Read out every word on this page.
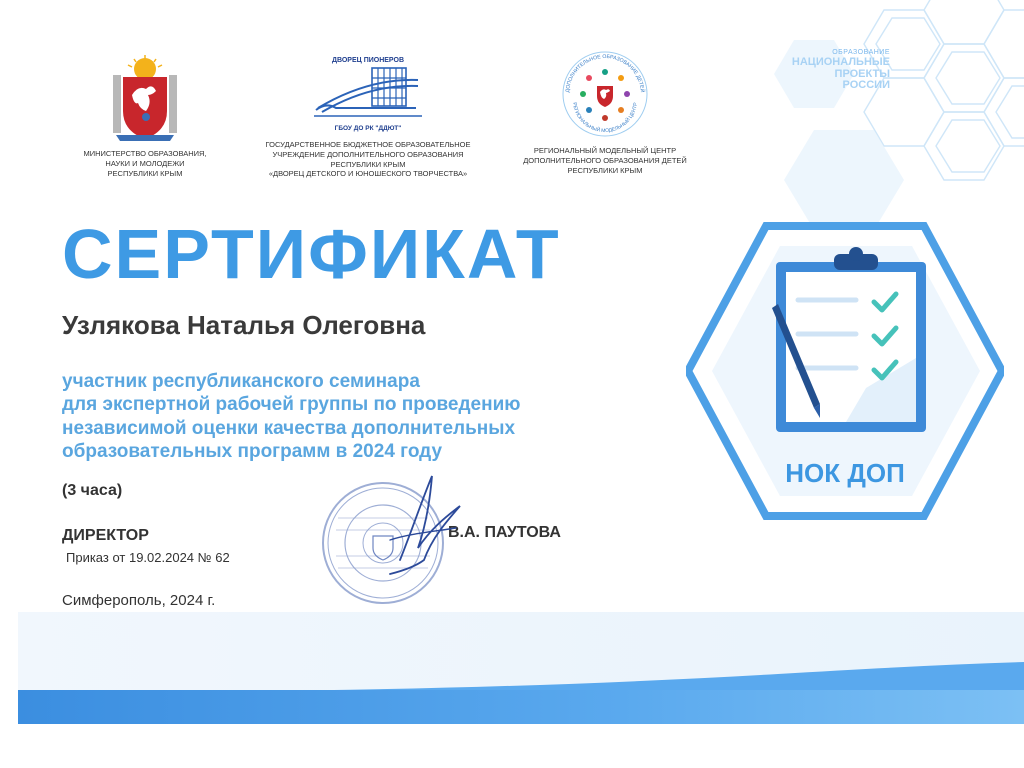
МИНИСТЕРСТВО ОБРАЗОВАНИЯ,
НАУКИ И МОЛОДЕЖИ
РЕСПУБЛИКИ КРЫМ
ДВОРЕЦ ПИОНЕРОВ
ГБОУ ДО РК "ДДЮТ"
ГОСУДАРСТВЕННОЕ БЮДЖЕТНОЕ ОБРАЗОВАТЕЛЬНОЕ
УЧРЕЖДЕНИЕ ДОПОЛНИТЕЛЬНОГО ОБРАЗОВАНИЯ
РЕСПУБЛИКИ КРЫМ
«ДВОРЕЦ ДЕТСКОГО И ЮНОШЕСКОГО ТВОРЧЕСТВА»
ДОПОЛНИТЕЛЬНОЕ ОБРАЗОВАНИЕ ДЕТЕЙ
РЕГИОНАЛЬНЫЙ МОДЕЛЬНЫЙ ЦЕНТР
РЕГИОНАЛЬНЫЙ МОДЕЛЬНЫЙ ЦЕНТР
ДОПОЛНИТЕЛЬНОГО ОБРАЗОВАНИЯ ДЕТЕЙ
РЕСПУБЛИКИ КРЫМ
ОБРАЗОВАНИЕ
НАЦИОНАЛЬНЫЕ
ПРОЕКТЫ
РОССИИ
СЕРТИФИКАТ
Узлякова Наталья Олеговна
участник республиканского семинара
для экспертной рабочей группы по проведению
независимой оценки качества дополнительных
образовательных программ в 2024 году
(3 часа)
ДИРЕКТОР
Приказ от 19.02.2024 № 62
В.А. ПАУТОВА
Симферополь, 2024 г.
НОК ДОП
